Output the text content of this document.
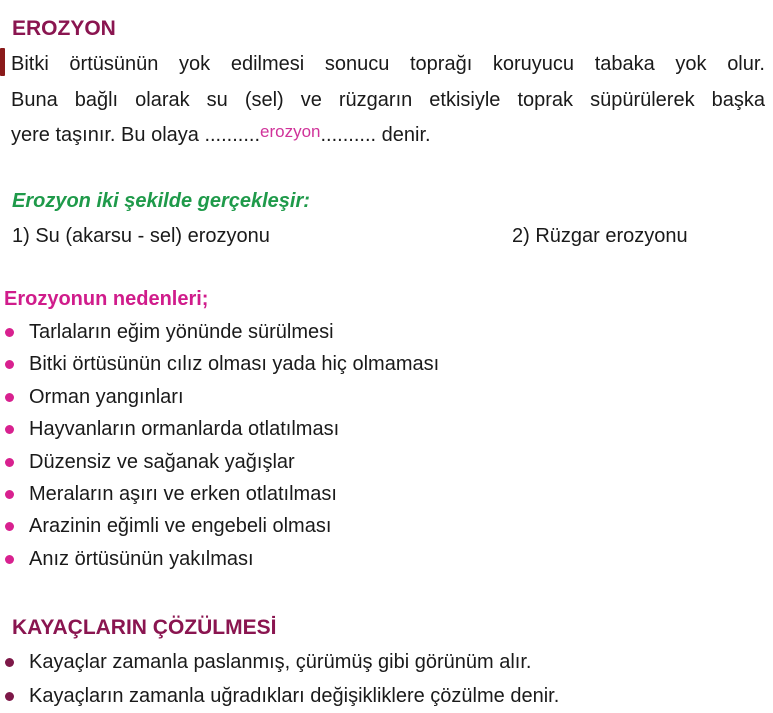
EROZYON
Bitki örtüsünün yok edilmesi sonucu toprağı koruyucu tabaka yok olur.
Buna bağlı olarak su (sel) ve rüzgarın etkisiyle toprak süpürülerek başka
yere taşınır. Bu olaya ..........$^{erozyon}$.......... denir.
Erozyon iki şekilde gerçekleşir:
1) Su (akarsu - sel) erozyonu	2) Rüzgar erozyonu
Erozyonun nedenleri;
Tarlaların eğim yönünde sürülmesi
Bitki örtüsünün cılız olması yada hiç olmaması
Orman yangınları
Hayvanların ormanlarda otlatılması
Düzensiz ve sağanak yağışlar
Meraların aşırı ve erken otlatılması
Arazinin eğimli ve engebeli olması
Anız örtüsünün yakılması
KAYAÇLARIN ÇÖZÜLMESİ
Kayaçlar zamanla paslanmış, çürümüş gibi görünüm alır.
Kayaçların zamanla uğradıkları değişikliklere çözülme denir.
